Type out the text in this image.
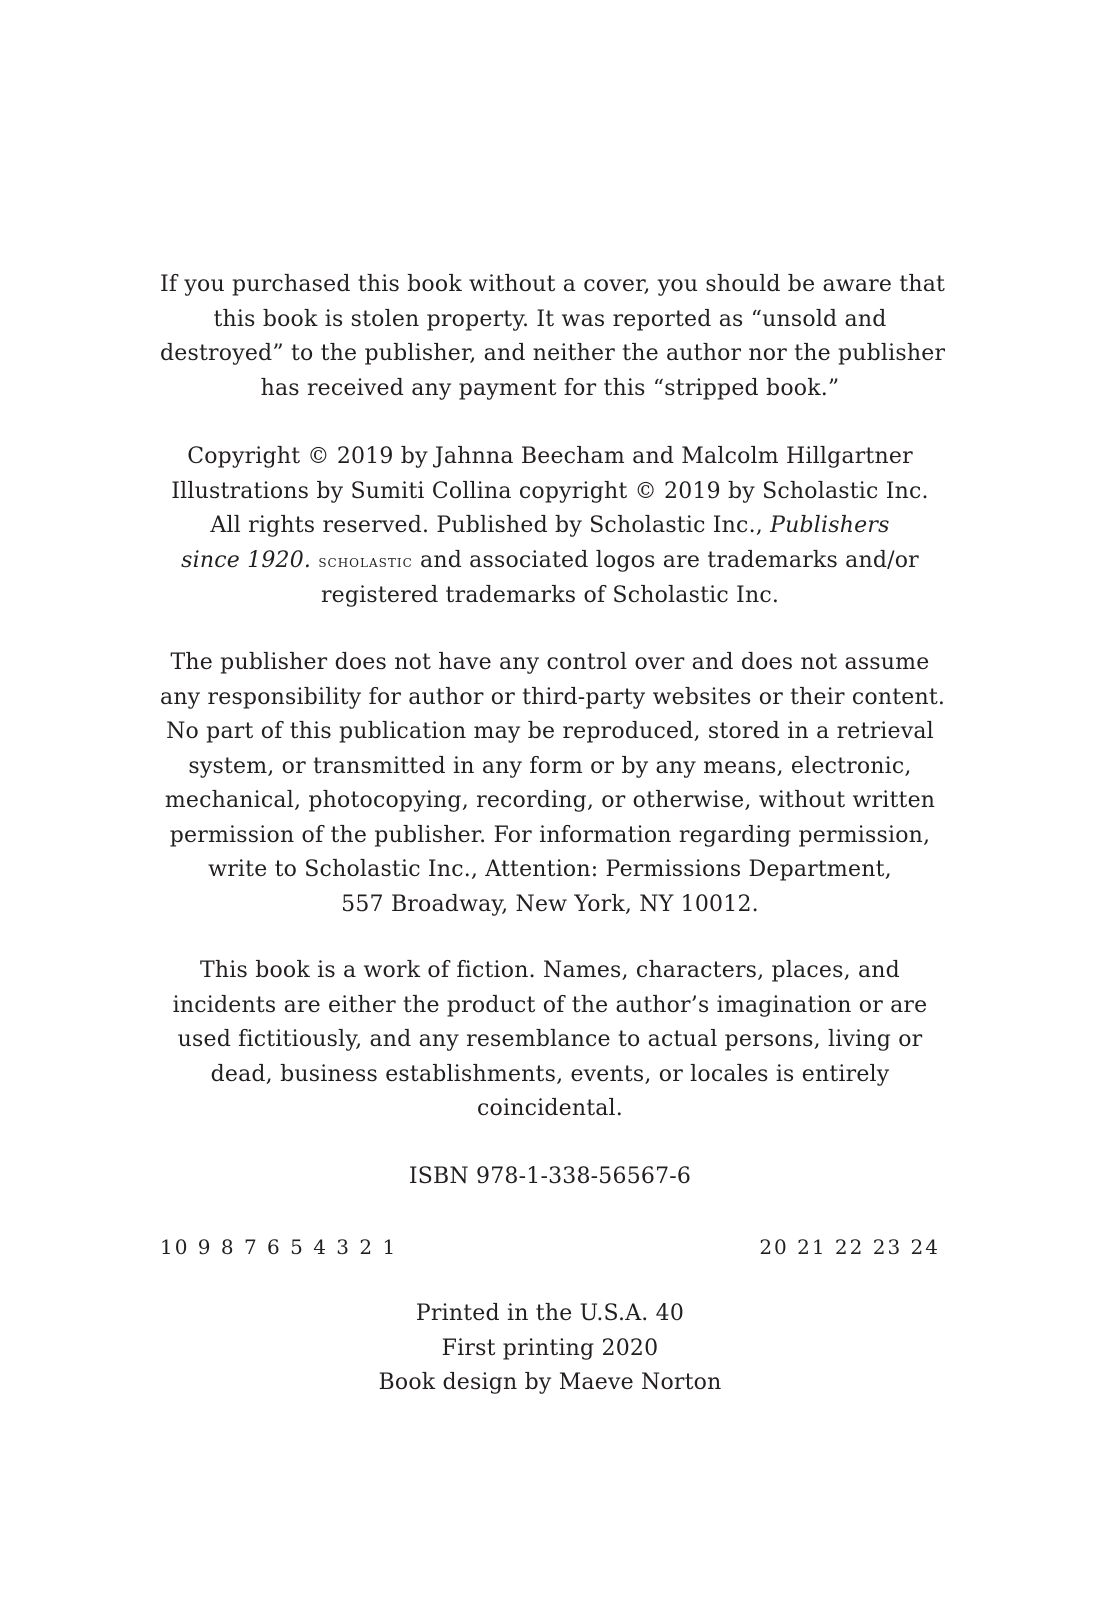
If you purchased this book without a cover, you should be aware that
this book is stolen property. It was reported as “unsold and
destroyed” to the publisher, and neither the author nor the publisher
has received any payment for this “stripped book.”
Copyright © 2019 by Jahnna Beecham and Malcolm Hillgartner
Illustrations by Sumiti Collina copyright © 2019 by Scholastic Inc.
All rights reserved. Published by Scholastic Inc., Publishers
since 1920. scholastic and associated logos are trademarks and/or
registered trademarks of Scholastic Inc.
The publisher does not have any control over and does not assume
any responsibility for author or third-party websites or their content.
No part of this publication may be reproduced, stored in a retrieval
system, or transmitted in any form or by any means, electronic,
mechanical, photocopying, recording, or otherwise, without written
permission of the publisher. For information regarding permission,
write to Scholastic Inc., Attention: Permissions Department,
557 Broadway, New York, NY 10012.
This book is a work of fiction. Names, characters, places, and
incidents are either the product of the author’s imagination or are
used fictitiously, and any resemblance to actual persons, living or
dead, business establishments, events, or locales is entirely
coincidental.
ISBN 978-1-338-56567-6
10 9 8 7 6 5 4 3 2 1	20 21 22 23 24
Printed in the U.S.A. 40
First printing 2020
Book design by Maeve Norton
